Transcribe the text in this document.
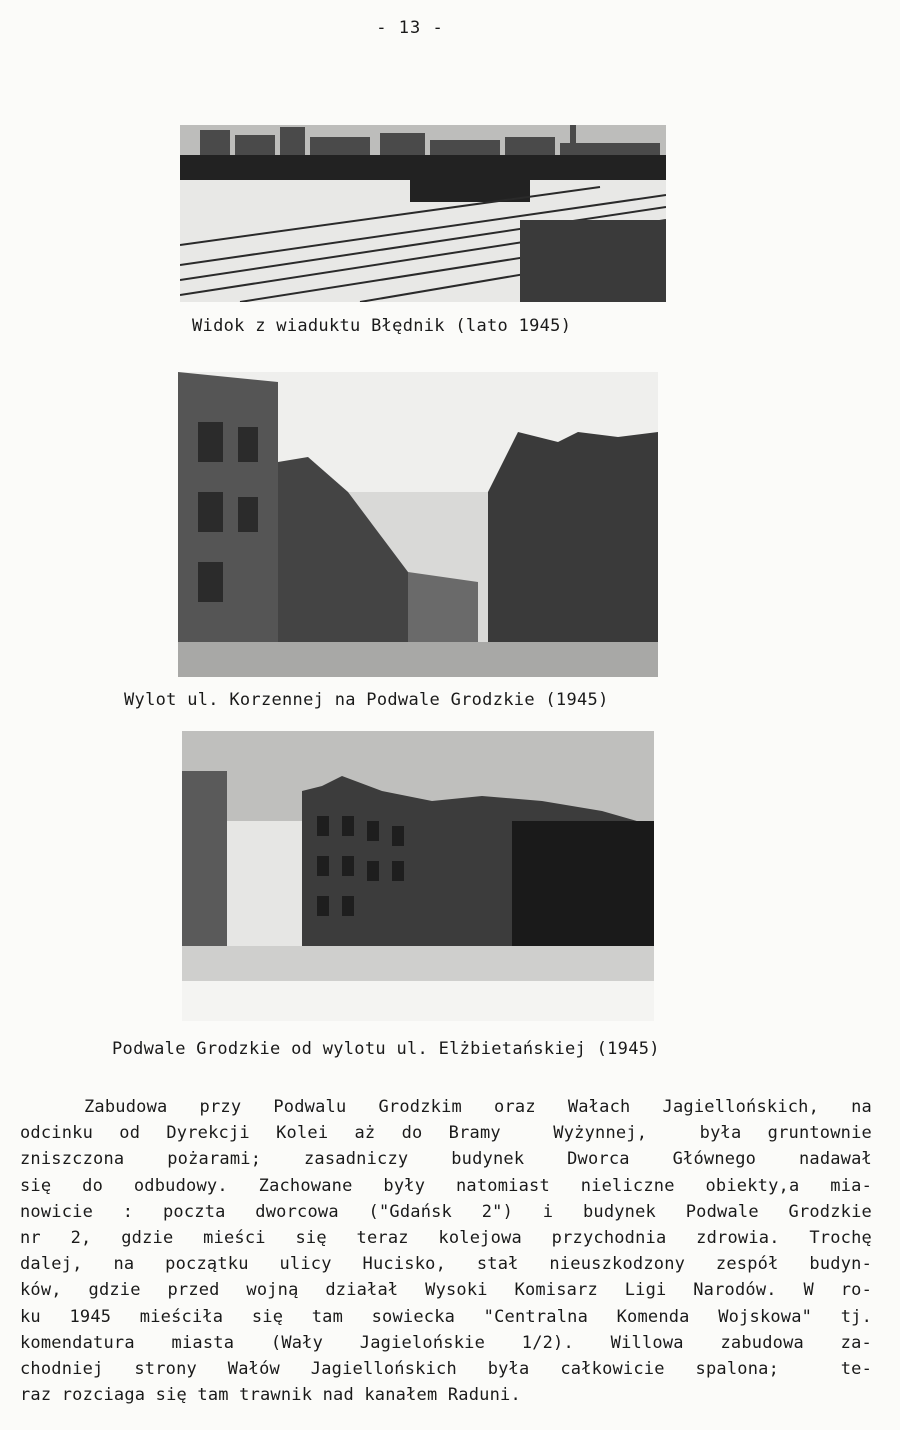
- 13 -
Widok z wiaduktu Błędnik (lato 1945)
Wylot ul. Korzennej na Podwale Grodzkie (1945)
Podwale Grodzkie od wylotu ul. Elżbietańskiej (1945)
Zabudowa przy Podwalu Grodzkim oraz Wałach Jagiellońskich, na
odcinku od Dyrekcji Kolei aż do Bramy  Wyżynnej,  była gruntownie
zniszczona pożarami; zasadniczy budynek Dworca Głównego nadawał
się do odbudowy. Zachowane były natomiast nieliczne obiekty,a mia-
nowicie : poczta dworcowa ("Gdańsk 2") i budynek Podwale Grodzkie
nr 2, gdzie mieści się teraz kolejowa przychodnia zdrowia. Trochę
dalej, na początku ulicy Hucisko, stał nieuszkodzony zespół budyn-
ków, gdzie przed wojną działał Wysoki Komisarz Ligi Narodów. W ro-
ku 1945 mieściła się tam sowiecka "Centralna Komenda Wojskowa" tj.
komendatura miasta (Wały Jagielońskie 1/2). Willowa zabudowa za-
chodniej strony Wałów Jagiellońskich była całkowicie spalona;  te-
raz rozciaga się tam trawnik nad kanałem Raduni.
